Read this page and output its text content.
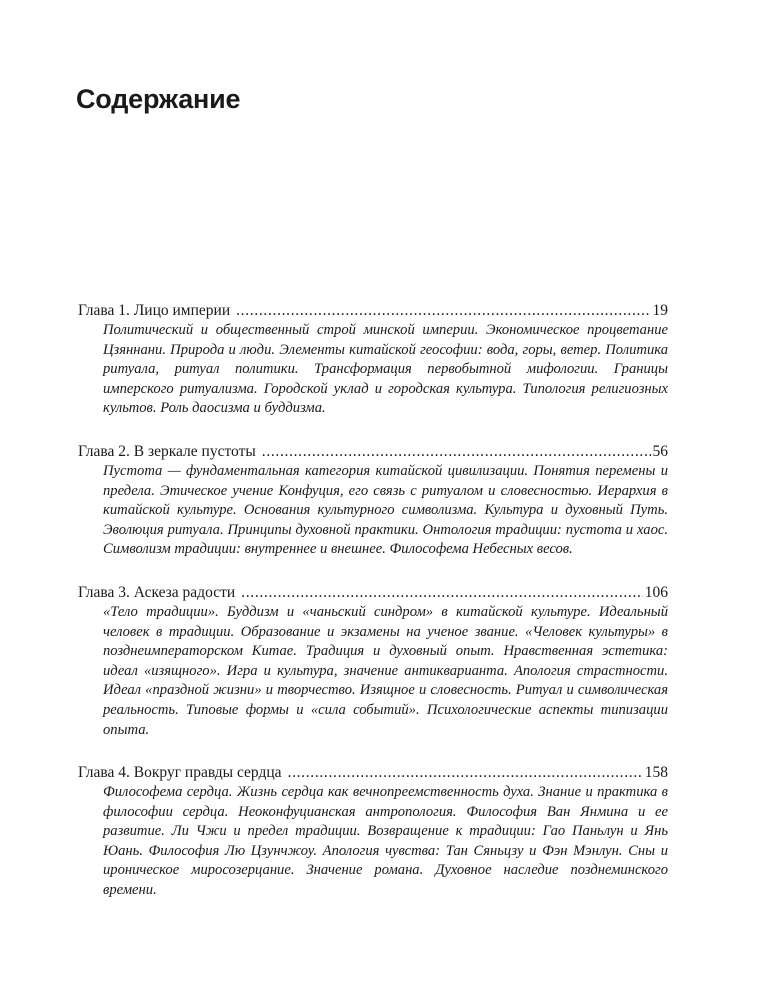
Содержание
Глава 1. Лицо империи . . .	19

Политический и общественный строй минской империи. Экономическое процветание Цзяннани. Природа и люди. Элементы китайской геософии: вода, горы, ветер. Политика ритуала, ритуал политики. Трансформация первобытной мифологии. Границы имперского ритуализма. Городской уклад и городская культура. Типология религиозных культов. Роль даосизма и буддизма.

Глава 2. В зеркале пустоты . . .	56

Пустота — фундаментальная категория китайской цивилизации. Понятия перемены и предела. Этическое учение Конфуция, его связь с ритуалом и словесностью. Иерархия в китайской культуре. Основания культурного символизма. Культура и духовный Путь. Эволюция ритуала. Принципы духовной практики. Онтология традиции: пустота и хаос. Символизм традиции: внутреннее и внешнее. Философема Небесных весов.

Глава 3. Аскеза радости . . .	106

«Тело традиции». Буддизм и «чаньский синдром» в китайской культуре. Идеальный человек в традиции. Образование и экзамены на ученое звание. «Человек культуры» в позднеимператорском Китае. Традиция и духовный опыт. Нравственная эстетика: идеал «изящного». Игра и культура, значение антикварианта. Апология страстности. Идеал «праздной жизни» и творчество. Изящное и словесность. Ритуал и символическая реальность. Типовые формы и «сила событий». Психологические аспекты типизации опыта.

Глава 4. Вокруг правды сердца . . .	158

Философема сердца. Жизнь сердца как вечнопреемственность духа. Знание и практика в философии сердца. Неоконфуцианская антропология. Философия Ван Янмина и ее развитие. Ли Чжи и предел традиции. Возвращение к традиции: Гао Паньлун и Янь Юань. Философия Лю Цзунчжоу. Апология чувства: Тан Сяньцзу и Фэн Мэнлун. Сны и ироническое миросозерцание. Значение романа. Духовное наследие позднеминского времени.
